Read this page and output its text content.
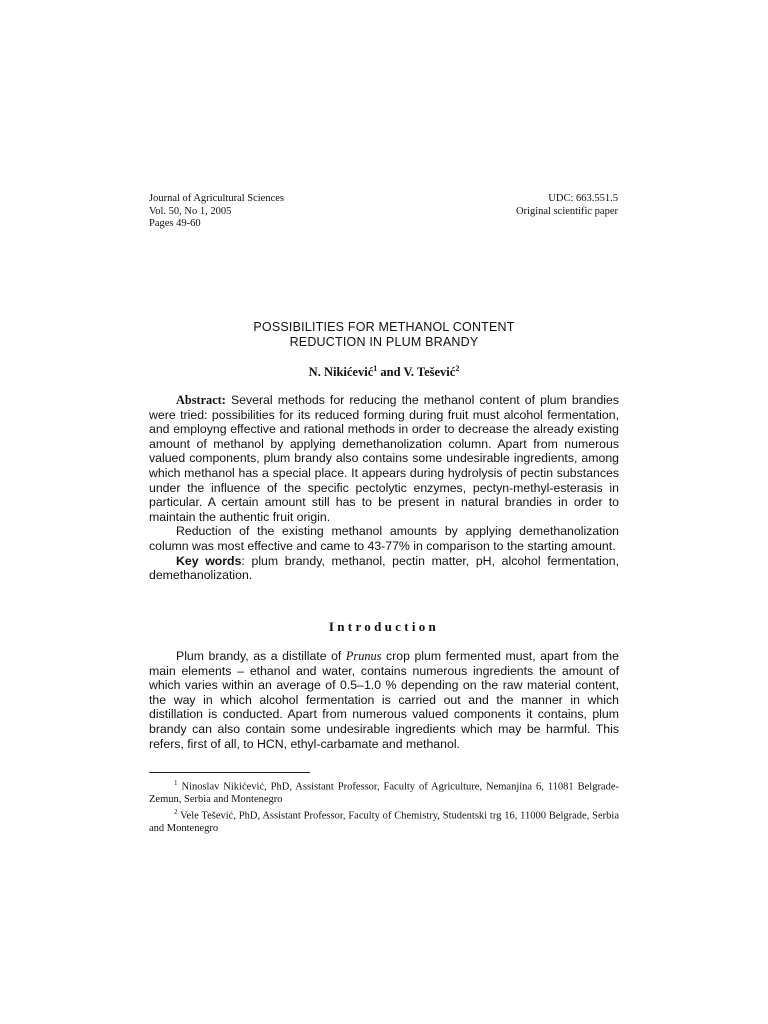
Journal of Agricultural Sciences
Vol. 50, No 1, 2005
Pages 49-60
UDC: 663.551.5
Original scientific paper
POSSIBILITIES FOR METHANOL CONTENT
REDUCTION IN PLUM BRANDY
N. Nikićević$^1$ and V. Tešević$^2$

Abstract: Several methods for reducing the methanol content of plum brandies were tried: possibilities for its reduced forming during fruit must alcohol fermentation, and employng effective and rational methods in order to decrease the already existing amount of methanol by applying demethanolization column. Apart from numerous valued components, plum brandy also contains some undesirable ingredients, among which methanol has a special place. It appears during hydrolysis of pectin substances under the influence of the specific pectolytic enzymes, pectyn-methyl-esterasis in particular. A certain amount still has to be present in natural brandies in order to maintain the authentic fruit origin.

Reduction of the existing methanol amounts by applying demethanolization column was most effective and came to 43-77% in comparison to the starting amount.

Key words: plum brandy, methanol, pectin matter, pH, alcohol fermentation, demethanolization.

Introduction

Plum brandy, as a distillate of Prunus crop plum fermented must, apart from the main elements – ethanol and water, contains numerous ingredients the amount of which varies within an average of 0.5–1.0 % depending on the raw material content, the way in which alcohol fermentation is carried out and the manner in which distillation is conducted. Apart from numerous valued components it contains, plum brandy can also contain some undesirable ingredients which may be harmful. This refers, first of all, to HCN, ethyl-carbamate and methanol.

$^1$ Ninoslav Nikićević, PhD, Assistant Professor, Faculty of Agriculture, Nemanjina 6, 11081 Belgrade-Zemun, Serbia and Montenegro

$^2$ Vele Tešević, PhD, Assistant Professor, Faculty of Chemistry, Studentski trg 16, 11000 Belgrade, Serbia and Montenegro
